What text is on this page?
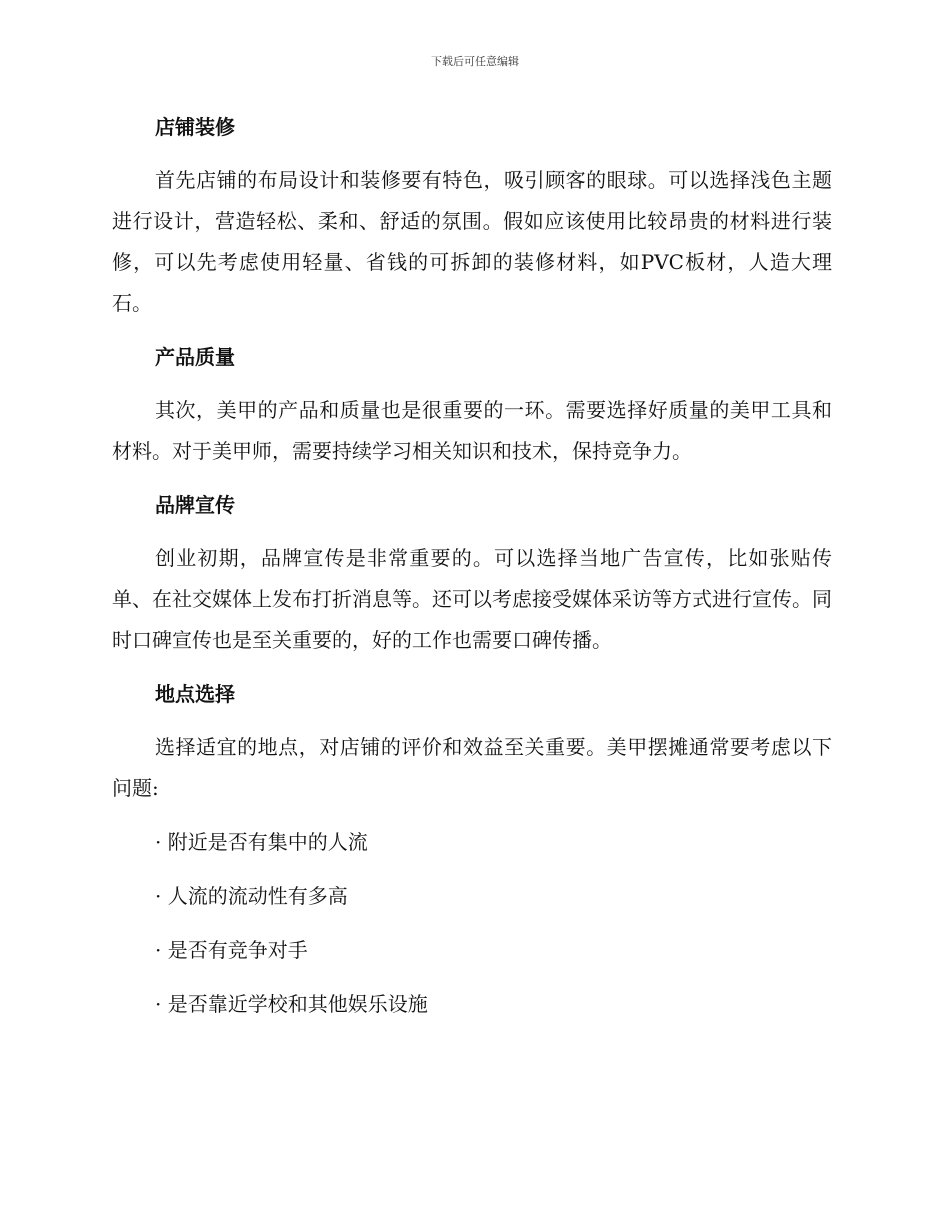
下载后可任意编辑
店铺装修

首先店铺的布局设计和装修要有特色，吸引顾客的眼球。可以选择浅色主题进行设计，营造轻松、柔和、舒适的氛围。假如应该使用比较昂贵的材料进行装修，可以先考虑使用轻量、省钱的可拆卸的装修材料，如PVC板材，人造大理石。

产品质量

其次，美甲的产品和质量也是很重要的一环。需要选择好质量的美甲工具和材料。对于美甲师，需要持续学习相关知识和技术，保持竞争力。

品牌宣传

创业初期，品牌宣传是非常重要的。可以选择当地广告宣传，比如张贴传单、在社交媒体上发布打折消息等。还可以考虑接受媒体采访等方式进行宣传。同时口碑宣传也是至关重要的，好的工作也需要口碑传播。

地点选择

选择适宜的地点，对店铺的评价和效益至关重要。美甲摆摊通常要考虑以下问题:

· 附近是否有集中的人流
· 人流的流动性有多高
· 是否有竞争对手
· 是否靠近学校和其他娱乐设施
